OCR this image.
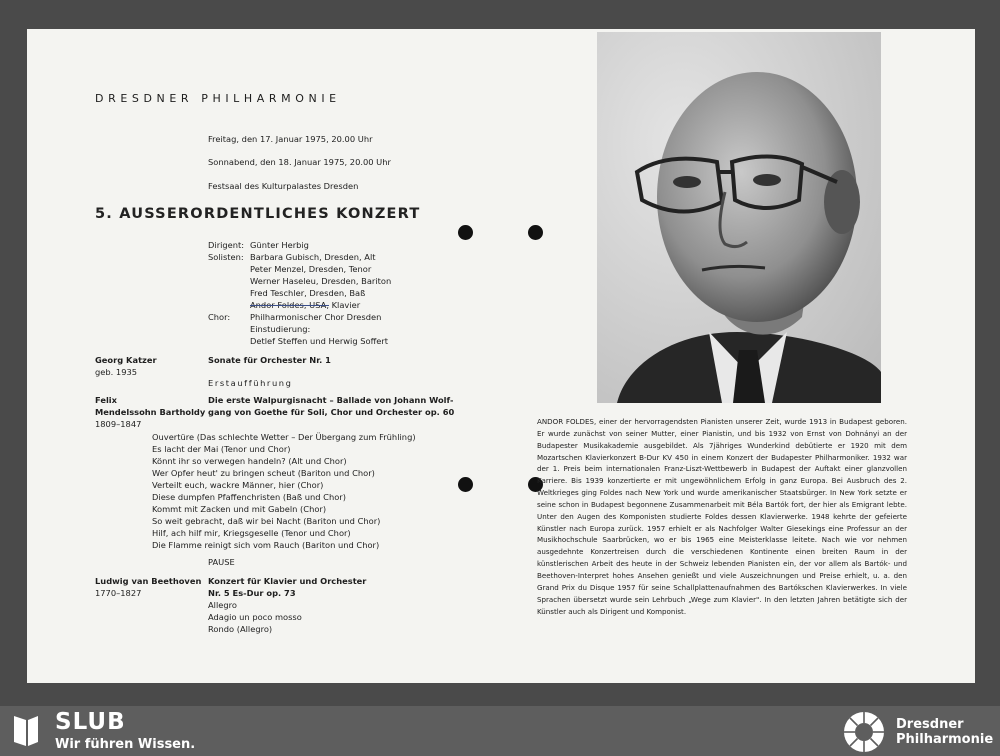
DRESDNER PHILHARMONIE
Freitag, den 17. Januar 1975, 20.00 Uhr
Sonnabend, den 18. Januar 1975, 20.00 Uhr
Festsaal des Kulturpalastes Dresden
5. AUSSERORDENTLICHES KONZERT
Dirigent: Günter Herbig
Solisten: Barbara Gubisch, Dresden, Alt
Peter Menzel, Dresden, Tenor
Werner Haseleu, Dresden, Bariton
Fred Teschler, Dresden, Baß
Andor Foldes, USA, Klavier
Chor: Philharmonischer Chor Dresden
Einstudierung:
Detlef Steffen und Herwig Soffert
Georg Katzer
geb. 1935
Sonate für Orchester Nr. 1
Erstaufführung
Felix
Mendelssohn Bartholdy
1809–1847
Die erste Walpurgisnacht – Ballade von Johann Wolf-
gang von Goethe für Soli, Chor und Orchester op. 60
Ouvertüre (Das schlechte Wetter – Der Übergang zum Frühling)
Es lacht der Mai (Tenor und Chor)
Könnt ihr so verwegen handeln? (Alt und Chor)
Wer Opfer heut' zu bringen scheut (Bariton und Chor)
Verteilt euch, wackre Männer, hier (Chor)
Diese dumpfen Pfaffenchristen (Baß und Chor)
Kommt mit Zacken und mit Gabeln (Chor)
So weit gebracht, daß wir bei Nacht (Bariton und Chor)
Hilf, ach hilf mir, Kriegsgeselle (Tenor und Chor)
Die Flamme reinigt sich vom Rauch (Bariton und Chor)
PAUSE
Ludwig van Beethoven
1770–1827
Konzert für Klavier und Orchester
Nr. 5 Es-Dur op. 73
Allegro
Adagio un poco mosso
Rondo (Allegro)
ANDOR FOLDES, einer der hervorragendsten Pianisten unserer Zeit, wurde 1913 in Budapest geboren. Er wurde zunächst von seiner Mutter, einer Pianistin, und bis 1932 von Ernst von Dohnányi an der Budapester Musikakademie ausgebildet. Als 7jähriges Wunderkind debütierte er 1920 mit dem Mozartschen Klavierkonzert B-Dur KV 450 in einem Konzert der Budapester Philharmoniker. 1932 war der 1. Preis beim internationalen Franz-Liszt-Wettbewerb in Budapest der Auftakt einer glanzvollen Karriere. Bis 1939 konzertierte er mit ungewöhnlichem Erfolg in ganz Europa. Bei Ausbruch des 2. Weltkrieges ging Foldes nach New York und wurde amerikanischer Staatsbürger. In New York setzte er seine schon in Budapest begonnene Zusammenarbeit mit Béla Bartók fort, der hier als Emigrant lebte. Unter den Augen des Komponisten studierte Foldes dessen Klavierwerke. 1948 kehrte der gefeierte Künstler nach Europa zurück. 1957 erhielt er als Nachfolger Walter Giesekings eine Professur an der Musikhochschule Saarbrücken, wo er bis 1965 eine Meisterklasse leitete. Nach wie vor nehmen ausgedehnte Konzertreisen durch die verschiedenen Kontinente einen breiten Raum in der künstlerischen Arbeit des heute in der Schweiz lebenden Pianisten ein, der vor allem als Bartók- und Beethoven-Interpret hohes Ansehen genießt und viele Auszeichnungen und Preise erhielt, u. a. den Grand Prix du Disque 1957 für seine Schallplattenaufnahmen des Bartókschen Klavierwerkes. In viele Sprachen übersetzt wurde sein Lehrbuch „Wege zum Klavier". In den letzten Jahren betätigte sich der Künstler auch als Dirigent und Komponist.
SLUB
Wir führen Wissen.
Dresdner
Philharmonie
